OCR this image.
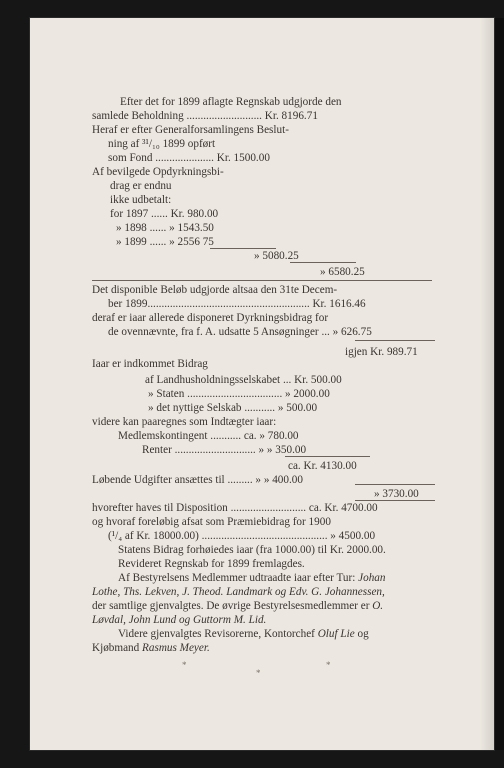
Efter det for 1899 aflagte Regnskab udgjorde den
samlede Beholdning ........................... Kr. 8196.71
Heraf er efter Generalforsamlingens Beslut-
ning af ³¹/₁₀ 1899 opført
som Fond ..................... Kr. 1500.00
Af bevilgede Opdyrkningsbi-
drag er endnu
ikke udbetalt:
for 1897 ...... Kr. 980.00
» 1898 ...... » 1543.50
» 1899 ...... » 2556 75
» 5080.25
» 6580.25
Det disponible Beløb udgjorde altsaa den 31te Decem-
ber 1899.......................................................... Kr. 1616.46
deraf er iaar allerede disponeret Dyrkningsbidrag for
de ovennævnte, fra f. A. udsatte 5 Ansøgninger ... » 626.75
igjen Kr. 989.71
Iaar er indkommet Bidrag
af Landhusholdningsselskabet ... Kr. 500.00
» Staten .................................. » 2000.00
» det nyttige Selskab ........... » 500.00
videre kan paaregnes som Indtægter iaar:
Medlemskontingent ........... ca. » 780.00
Renter ............................. » » 350.00
ca. Kr. 4130.00
Løbende Udgifter ansættes til ......... » » 400.00
» 3730.00
hvorefter haves til Disposition ........................... ca. Kr. 4700.00
og hvoraf foreløbig afsat som Præmiebidrag for 1900
(¹/₄ af Kr. 18000.00) ............................................. » 4500.00
Statens Bidrag forhøiedes iaar (fra 1000.00) til Kr. 2000.00.
Revideret Regnskab for 1899 fremlagdes.
Af Bestyrelsens Medlemmer udtraadte iaar efter Tur: Johan
Lothe, Ths. Lekven, J. Theod. Landmark og Edv. G. Johannessen,
der samtlige gjenvalgtes. De øvrige Bestyrelsesmedlemmer er O.
Løvdal, John Lund og Guttorm M. Lid.
Videre gjenvalgtes Revisorerne, Kontorchef Oluf Lie og
Kjøbmand Rasmus Meyer.
*
*
*
